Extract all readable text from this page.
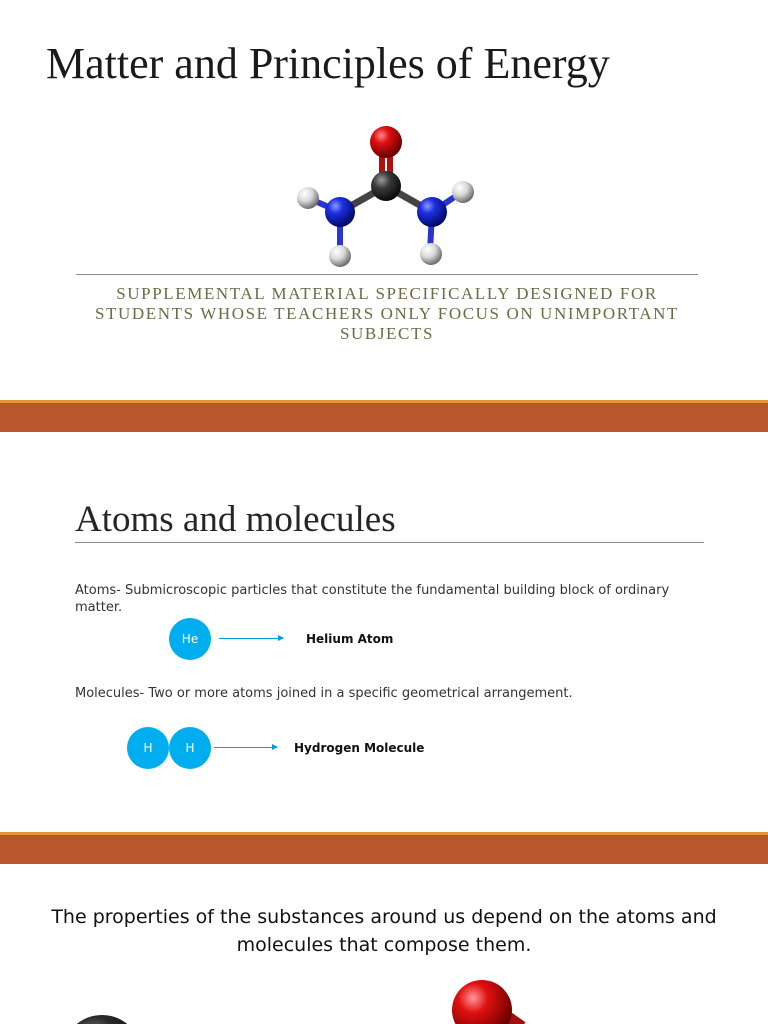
Matter and Principles of Energy
SUPPLEMENTAL MATERIAL SPECIFICALLY DESIGNED FOR STUDENTS WHOSE TEACHERS ONLY FOCUS ON UNIMPORTANT SUBJECTS
Atoms and molecules
Atoms- Submicroscopic particles that constitute the fundamental building block of ordinary matter.
He	Helium Atom
Molecules- Two or more atoms joined in a specific geometrical arrangement.
H	H	Hydrogen Molecule
The properties of the substances around us depend on the atoms and molecules that compose them.
